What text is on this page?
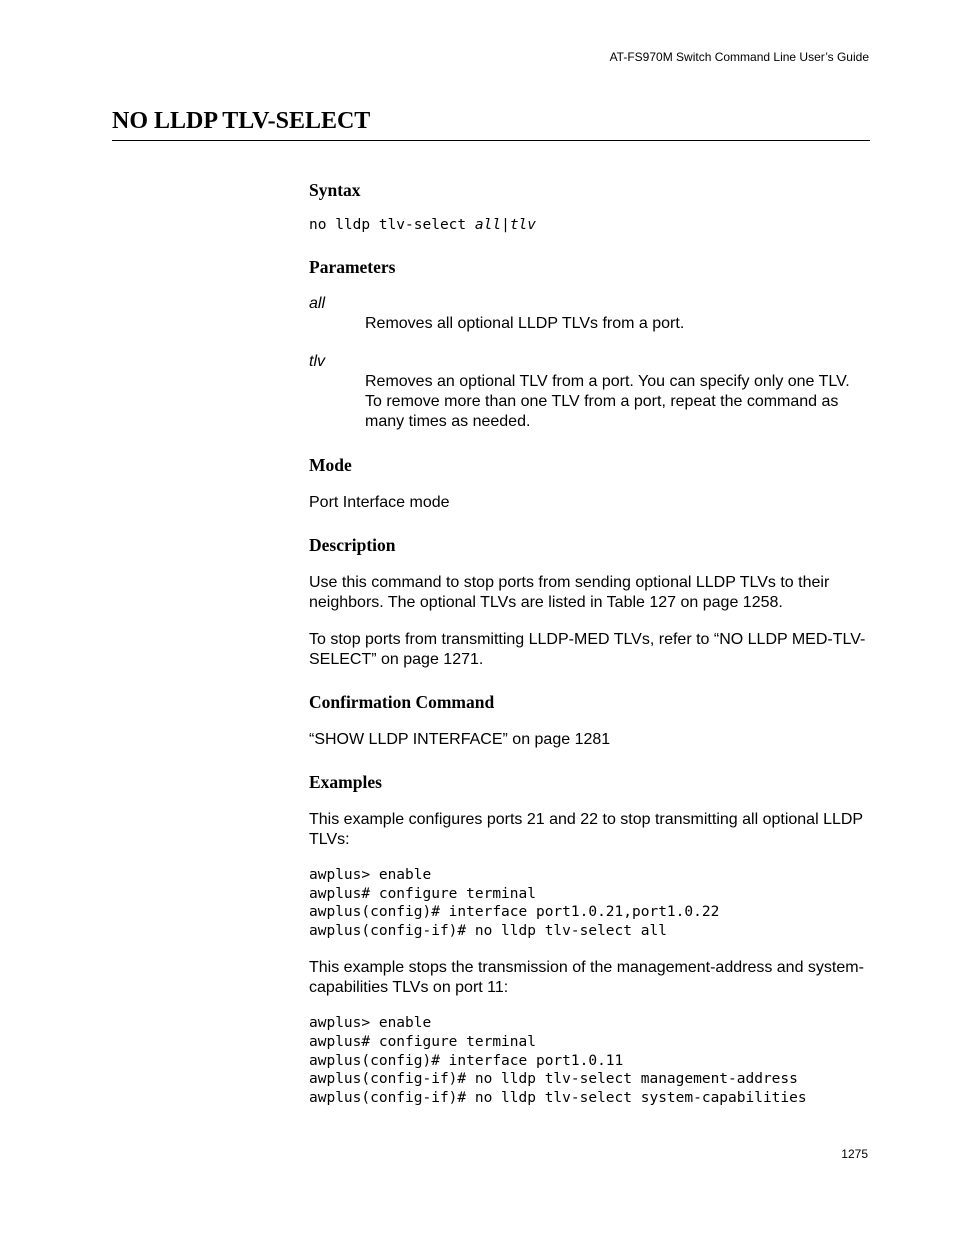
AT-FS970M Switch Command Line User’s Guide
NO LLDP TLV-SELECT
Syntax
no lldp tlv-select all|tlv
Parameters
all
Removes all optional LLDP TLVs from a port.
tlv
Removes an optional TLV from a port. You can specify only one TLV. To remove more than one TLV from a port, repeat the command as many times as needed.
Mode

Port Interface mode

Description

Use this command to stop ports from sending optional LLDP TLVs to their neighbors. The optional TLVs are listed in Table 127 on page 1258.

To stop ports from transmitting LLDP-MED TLVs, refer to “NO LLDP MED-TLV-SELECT” on page 1271.

Confirmation Command

“SHOW LLDP INTERFACE” on page 1281

Examples

This example configures ports 21 and 22 to stop transmitting all optional LLDP TLVs:

awplus> enable
awplus# configure terminal
awplus(config)# interface port1.0.21,port1.0.22
awplus(config-if)# no lldp tlv-select all

This example stops the transmission of the management-address and system-capabilities TLVs on port 11:

awplus> enable
awplus# configure terminal
awplus(config)# interface port1.0.11
awplus(config-if)# no lldp tlv-select management-address
awplus(config-if)# no lldp tlv-select system-capabilities
1275
